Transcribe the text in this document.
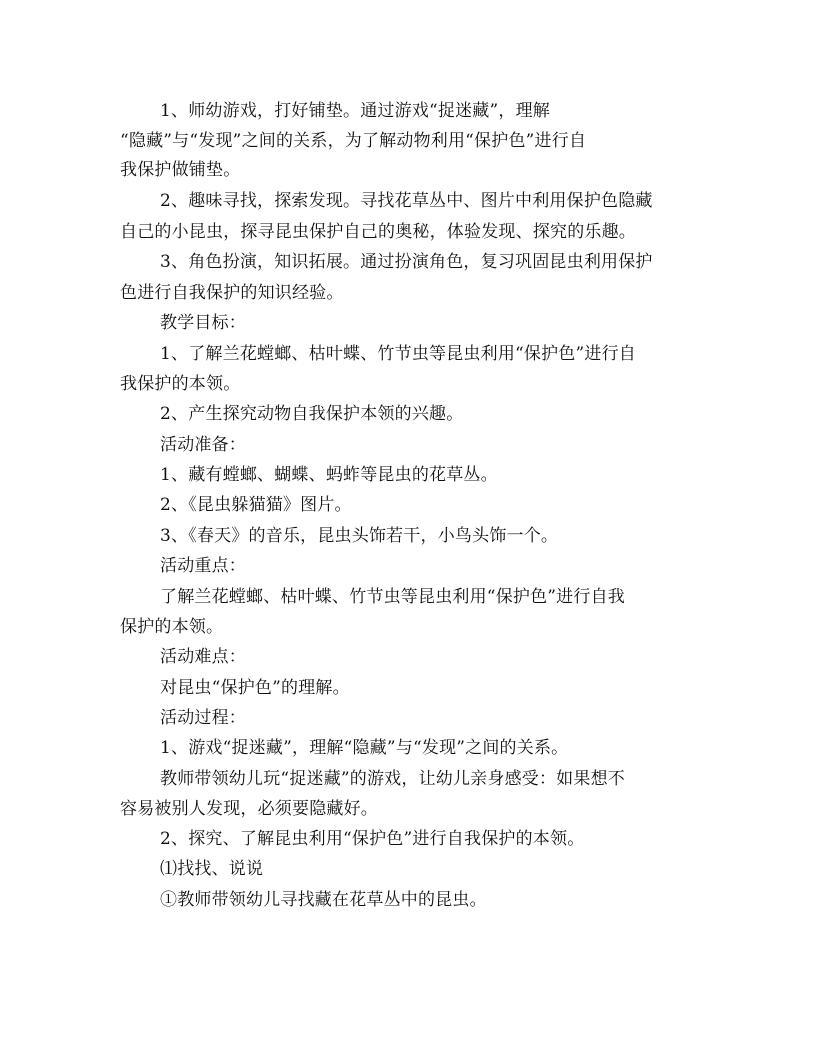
1、师幼游戏，打好铺垫。通过游戏“捉迷藏”，理解
“隐藏”与“发现”之间的关系，为了解动物利用“保护色”进行自
我保护做铺垫。
2、趣味寻找，探索发现。寻找花草丛中、图片中利用保护色隐藏
自己的小昆虫，探寻昆虫保护自己的奥秘，体验发现、探究的乐趣。
3、角色扮演，知识拓展。通过扮演角色，复习巩固昆虫利用保护
色进行自我保护的知识经验。
教学目标：
1、了解兰花螳螂、枯叶蝶、竹节虫等昆虫利用“保护色”进行自
我保护的本领。
2、产生探究动物自我保护本领的兴趣。
活动准备：
1、藏有螳螂、蝴蝶、蚂蚱等昆虫的花草丛。
2、《昆虫躲猫猫》图片。
3、《春天》的音乐，昆虫头饰若干，小鸟头饰一个。
活动重点：
了解兰花螳螂、枯叶蝶、竹节虫等昆虫利用“保护色”进行自我
保护的本领。
活动难点：
对昆虫“保护色”的理解。
活动过程：
1、游戏“捉迷藏”，理解“隐藏”与“发现”之间的关系。
教师带领幼儿玩“捉迷藏”的游戏，让幼儿亲身感受：如果想不
容易被别人发现，必须要隐藏好。
2、探究、了解昆虫利用“保护色”进行自我保护的本领。
⑴找找、说说
①教师带领幼儿寻找藏在花草丛中的昆虫。
